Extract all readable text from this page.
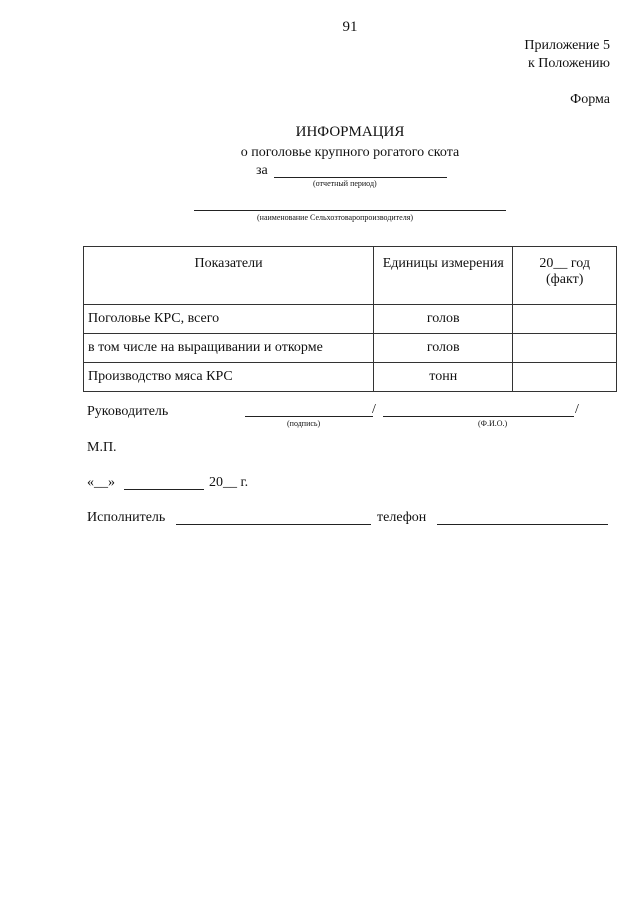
91
Приложение 5
к Положению
Форма
ИНФОРМАЦИЯ
о поголовье крупного рогатого скота
за
(отчетный период)
(наименование Сельхозтоваропроизводителя)
Показатели	Единицы измерения	20__ год
(факт)

Поголовье КРС, всего	голов	
в том числе на выращивании и откорме	голов	
Производство мяса КРС	тонн	
Руководитель	/	/
(подпись)	(Ф.И.О.)
М.П.
«__»	20__ г.
Исполнитель	телефон
